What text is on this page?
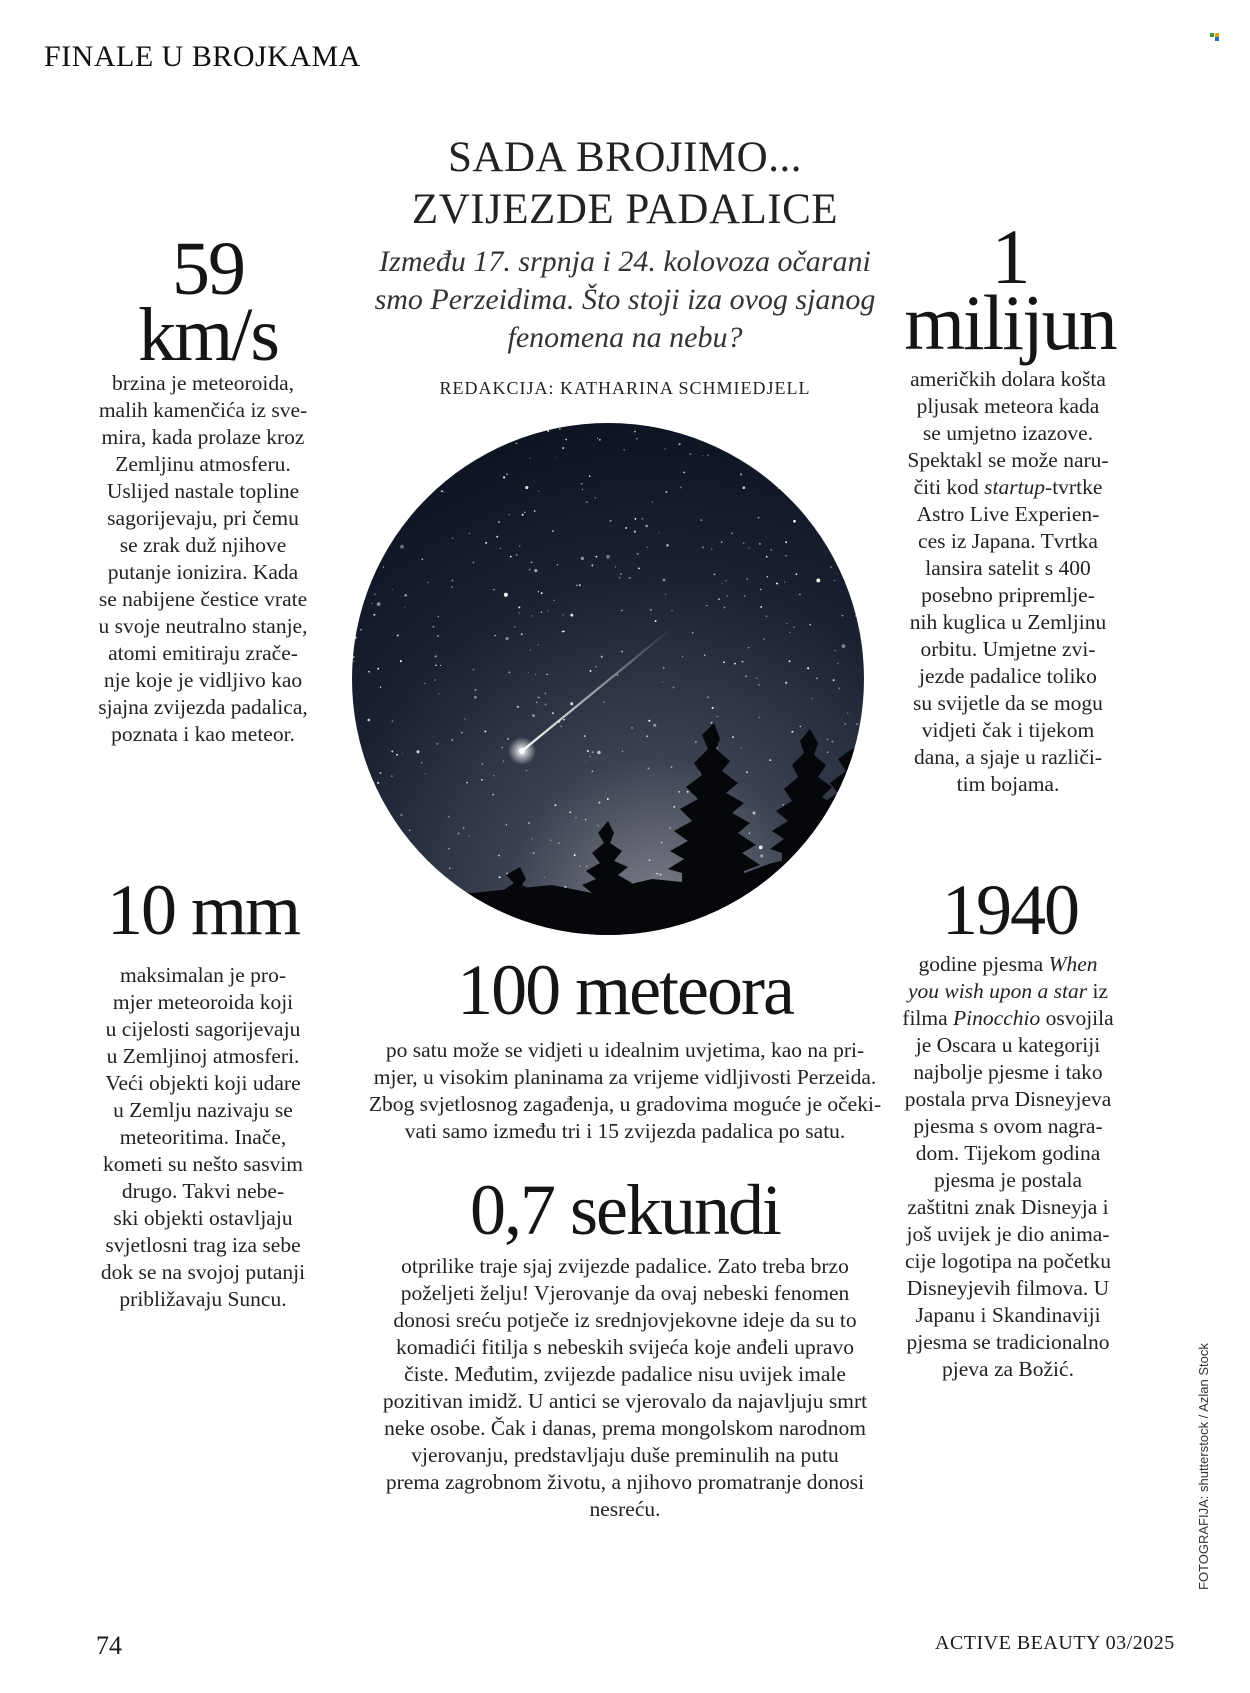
FINALE U BROJKAMA
SADA BROJIMO...
ZVIJEZDE PADALICE
Između 17. srpnja i 24. kolovoza očarani
smo Perzeidima. Što stoji iza ovog sjanog
fenomena na nebu?
REDAKCIJA: KATHARINA SCHMIEDJELL
59
km/s
brzina je meteoroida,
malih kamenčića iz sve-
mira, kada prolaze kroz
Zemljinu atmosferu.
Uslijed nastale topline
sagorijevaju, pri čemu
se zrak duž njihove
putanje ionizira. Kada
se nabijene čestice vrate
u svoje neutralno stanje,
atomi emitiraju zrače-
nje koje je vidljivo kao
sjajna zvijezda padalica,
poznata i kao meteor.
1
milijun
američkih dolara košta
pljusak meteora kada
se umjetno izazove.
Spektakl se može naru-
čiti kod startup-tvrtke
Astro Live Experien-
ces iz Japana. Tvrtka
lansira satelit s 400
posebno pripremlje-
nih kuglica u Zemljinu
orbitu. Umjetne zvi-
jezde padalice toliko
su svijetle da se mogu
vidjeti čak i tijekom
dana, a sjaje u različi-
tim bojama.
10 mm
maksimalan je pro-
mjer meteoroida koji
u cijelosti sagorijevaju
u Zemljinoj atmosferi.
Veći objekti koji udare
u Zemlju nazivaju se
meteoritima. Inače,
kometi su nešto sasvim
drugo. Takvi nebe-
ski objekti ostavljaju
svjetlosni trag iza sebe
dok se na svojoj putanji
približavaju Suncu.
100 meteora
po satu može se vidjeti u idealnim uvjetima, kao na pri-
mjer, u visokim planinama za vrijeme vidljivosti Perzeida.
Zbog svjetlosnog zagađenja, u gradovima moguće je očeki-
vati samo između tri i 15 zvijezda padalica po satu.
0,7 sekundi
otprilike traje sjaj zvijezde padalice. Zato treba brzo
poželjeti želju! Vjerovanje da ovaj nebeski fenomen
donosi sreću potječe iz srednjovjekovne ideje da su to
komadići fitilja s nebeskih svijeća koje anđeli upravo
čiste. Međutim, zvijezde padalice nisu uvijek imale
pozitivan imidž. U antici se vjerovalo da najavljuju smrt
neke osobe. Čak i danas, prema mongolskom narodnom
vjerovanju, predstavljaju duše preminulih na putu
prema zagrobnom životu, a njihovo promatranje donosi
nesreću.
1940
godine pjesma When
you wish upon a star iz
filma Pinocchio osvojila
je Oscara u kategoriji
najbolje pjesme i tako
postala prva Disneyjeva
pjesma s ovom nagra-
dom. Tijekom godina
pjesma je postala
zaštitni znak Disneyja i
još uvijek je dio anima-
cije logotipa na početku
Disneyjevih filmova. U
Japanu i Skandinaviji
pjesma se tradicionalno
pjeva za Božić.
74	ACTIVE BEAUTY 03/2025
FOTOGRAFIJA: shutterstock / Azlan Stock
